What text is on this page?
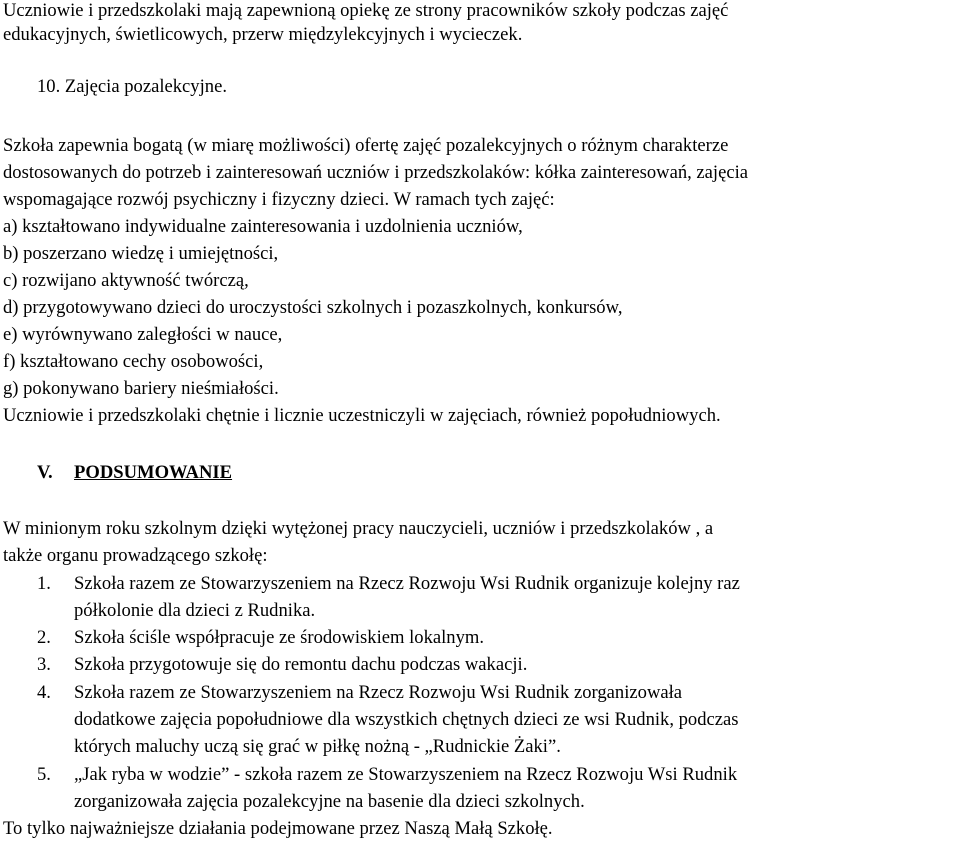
Uczniowie i przedszkolaki mają zapewnioną opiekę ze strony pracowników szkoły podczas zajęć
edukacyjnych, świetlicowych, przerw międzylekcyjnych i wycieczek.
10. Zajęcia pozalekcyjne.
Szkoła zapewnia bogatą (w miarę możliwości) ofertę zajęć pozalekcyjnych o różnym charakterze
dostosowanych do potrzeb i zainteresowań uczniów i przedszkolaków: kółka zainteresowań, zajęcia
wspomagające rozwój psychiczny i fizyczny dzieci. W ramach tych zajęć:
a) kształtowano indywidualne zainteresowania i uzdolnienia uczniów,
b) poszerzano wiedzę i umiejętności,
c) rozwijano aktywność twórczą,
d) przygotowywano dzieci do uroczystości szkolnych i pozaszkolnych, konkursów,
e) wyrównywano zaległości w nauce,
f) kształtowano cechy osobowości,
g) pokonywano bariery nieśmiałości.
Uczniowie i przedszkolaki chętnie i licznie uczestniczyli w zajęciach, również popołudniowych.
V. PODSUMOWANIE
W minionym roku szkolnym dzięki wytężonej pracy nauczycieli, uczniów i przedszkolaków , a
także organu prowadzącego szkołę:
1. Szkoła razem ze Stowarzyszeniem na Rzecz Rozwoju Wsi Rudnik organizuje kolejny raz
półkolonie dla dzieci z Rudnika.
2. Szkoła ściśle współpracuje ze środowiskiem lokalnym.
3. Szkoła przygotowuje się do remontu dachu podczas wakacji.
4. Szkoła razem ze Stowarzyszeniem na Rzecz Rozwoju Wsi Rudnik zorganizowała
dodatkowe zajęcia popołudniowe dla wszystkich chętnych dzieci ze wsi Rudnik, podczas
których maluchy uczą się grać w piłkę nożną - „Rudnickie Żaki”.
5. „Jak ryba w wodzie” - szkoła razem ze Stowarzyszeniem na Rzecz Rozwoju Wsi Rudnik
zorganizowała zajęcia pozalekcyjne na basenie dla dzieci szkolnych.
To tylko najważniejsze działania podejmowane przez Naszą Małą Szkołę.
